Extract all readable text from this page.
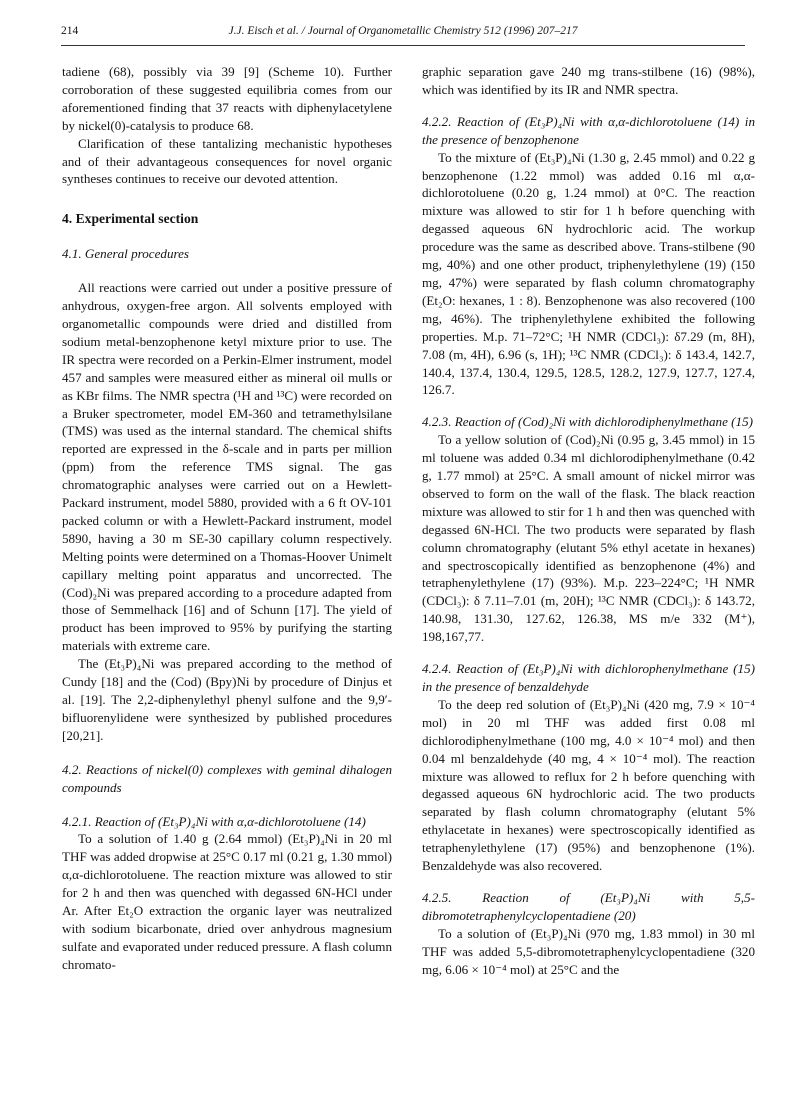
214	J.J. Eisch et al. / Journal of Organometallic Chemistry 512 (1996) 207–217

tadiene (68), possibly via 39 [9] (Scheme 10). Further corroboration of these suggested equilibria comes from our aforementioned finding that 37 reacts with diphenylacetylene by nickel(0)-catalysis to produce 68.

Clarification of these tantalizing mechanistic hypotheses and of their advantageous consequences for novel organic syntheses continues to receive our devoted attention.

4. Experimental section
4.1. General procedures

All reactions were carried out under a positive pressure of anhydrous, oxygen-free argon. All solvents employed with organometallic compounds were dried and distilled from sodium metal-benzophenone ketyl mixture prior to use. The IR spectra were recorded on a Perkin-Elmer instrument, model 457 and samples were measured either as mineral oil mulls or as KBr films. The NMR spectra (¹H and ¹³C) were recorded on a Bruker spectrometer, model EM-360 and tetramethylsilane (TMS) was used as the internal standard. The chemical shifts reported are expressed in the δ-scale and in parts per million (ppm) from the reference TMS signal. The gas chromatographic analyses were carried out on a Hewlett-Packard instrument, model 5880, provided with a 6 ft OV-101 packed column or with a Hewlett-Packard instrument, model 5890, having a 30 m SE-30 capillary column respectively. Melting points were determined on a Thomas-Hoover Unimelt capillary melting point apparatus and uncorrected. The (Cod)₂Ni was prepared according to a procedure adapted from those of Semmelhack [16] and of Schunn [17]. The yield of product has been improved to 95% by purifying the starting materials with extreme care.

The (Et₃P)₄Ni was prepared according to the method of Cundy [18] and the (Cod) (Bpy)Ni by procedure of Dinjus et al. [19]. The 2,2-diphenylethyl phenyl sulfone and the 9,9′-bifluorenylidene were synthesized by published procedures [20,21].

4.2. Reactions of nickel(0) complexes with geminal dihalogen compounds
4.2.1. Reaction of (Et₃P)₄Ni with α,α-dichlorotoluene (14)

To a solution of 1.40 g (2.64 mmol) (Et₃P)₄Ni in 20 ml THF was added dropwise at 25°C 0.17 ml (0.21 g, 1.30 mmol) α,α-dichlorotoluene. The reaction mixture was allowed to stir for 2 h and then was quenched with degassed 6N-HCl under Ar. After Et₂O extraction the organic layer was neutralized with sodium bicarbonate, dried over anhydrous magnesium sulfate and evaporated under reduced pressure. A flash column chromato-

graphic separation gave 240 mg trans-stilbene (16) (98%), which was identified by its IR and NMR spectra.

4.2.2. Reaction of (Et₃P)₄Ni with α,α-dichlorotoluene (14) in the presence of benzophenone

To the mixture of (Et₃P)₄Ni (1.30 g, 2.45 mmol) and 0.22 g benzophenone (1.22 mmol) was added 0.16 ml α,α-dichlorotoluene (0.20 g, 1.24 mmol) at 0°C. The reaction mixture was allowed to stir for 1 h before quenching with degassed aqueous 6N hydrochloric acid. The workup procedure was the same as described above. Trans-stilbene (90 mg, 40%) and one other product, triphenylethylene (19) (150 mg, 47%) were separated by flash column chromatography (Et₂O: hexanes, 1 : 8). Benzophenone was also recovered (100 mg, 46%). The triphenylethylene exhibited the following properties. M.p. 71–72°C; ¹H NMR (CDCl₃): δ7.29 (m, 8H), 7.08 (m, 4H), 6.96 (s, 1H); ¹³C NMR (CDCl₃): δ 143.4, 142.7, 140.4, 137.4, 130.4, 129.5, 128.5, 128.2, 127.9, 127.7, 127.4, 126.7.

4.2.3. Reaction of (Cod)₂Ni with dichlorodiphenylmethane (15)

To a yellow solution of (Cod)₂Ni (0.95 g, 3.45 mmol) in 15 ml toluene was added 0.34 ml dichlorodiphenylmethane (0.42 g, 1.77 mmol) at 25°C. A small amount of nickel mirror was observed to form on the wall of the flask. The black reaction mixture was allowed to stir for 1 h and then was quenched with degassed 6N-HCl. The two products were separated by flash column chromatography (elutant 5% ethyl acetate in hexanes) and spectroscopically identified as benzophenone (4%) and tetraphenylethylene (17) (93%). M.p. 223–224°C; ¹H NMR (CDCl₃): δ 7.11–7.01 (m, 20H); ¹³C NMR (CDCl₃): δ 143.72, 140.98, 131.30, 127.62, 126.38, MS m/e 332 (M⁺), 198,167,77.

4.2.4. Reaction of (Et₃P)₄Ni with dichlorophenylmethane (15) in the presence of benzaldehyde

To the deep red solution of (Et₃P)₄Ni (420 mg, 7.9 × 10⁻⁴ mol) in 20 ml THF was added first 0.08 ml dichlorodiphenylmethane (100 mg, 4.0 × 10⁻⁴ mol) and then 0.04 ml benzaldehyde (40 mg, 4 × 10⁻⁴ mol). The reaction mixture was allowed to reflux for 2 h before quenching with degassed aqueous 6N hydrochloric acid. The two products separated by flash column chromatography (elutant 5% ethylacetate in hexanes) were spectroscopically identified as tetraphenylethylene (17) (95%) and benzophenone (1%). Benzaldehyde was also recovered.

4.2.5. Reaction of (Et₃P)₄Ni with 5,5-dibromotetraphenylcyclopentadiene (20)

To a solution of (Et₃P)₄Ni (970 mg, 1.83 mmol) in 30 ml THF was added 5,5-dibromotetraphenylcyclopentadiene (320 mg, 6.06 × 10⁻⁴ mol) at 25°C and the
